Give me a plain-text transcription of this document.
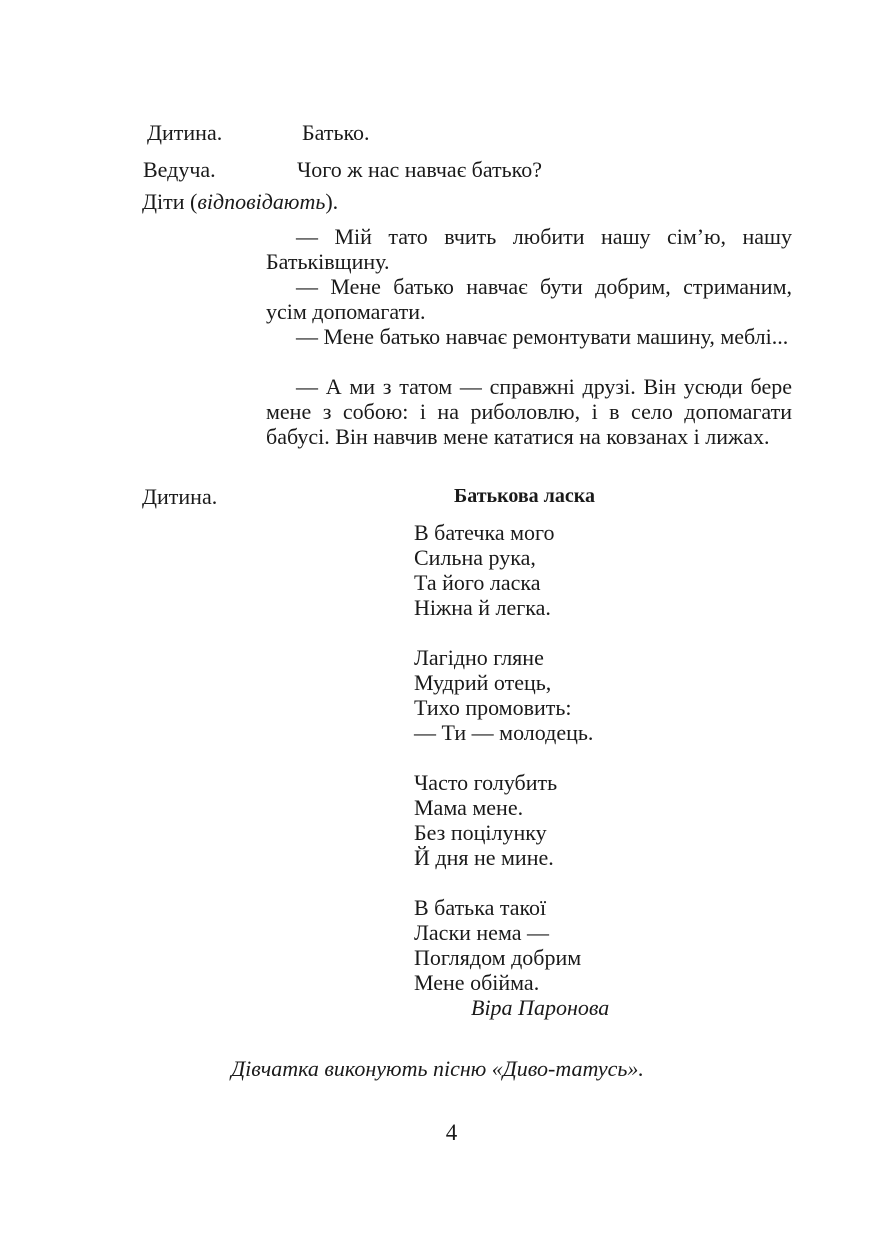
Дитина.	Батько.
Ведуча.	Чого ж нас навчає батько?
Діти (відповідають).
— Мій тато вчить любити нашу сім’ю, нашу Батьківщину.
— Мене батько навчає бути добрим, стриманим, усім допомагати.
— Мене батько навчає ремонтувати машину, меблі...
— А ми з татом — справжні друзі. Він усюди бере мене з собою: і на риболовлю, і в село допомагати бабусі. Він навчив мене кататися на ковзанах і лижах.
Дитина.	Батькова ласка
В батечка мого
Сильна рука,
Та його ласка
Ніжна й легка.
Лагідно гляне
Мудрий отець,
Тихо промовить:
— Ти — молодець.
Часто голубить
Мама мене.
Без поцілунку
Й дня не мине.
В батька такої
Ласки нема —
Поглядом добрим
Мене обійма.
Віра Паронова
Дівчатка виконують пісню «Диво-татусь».
4
